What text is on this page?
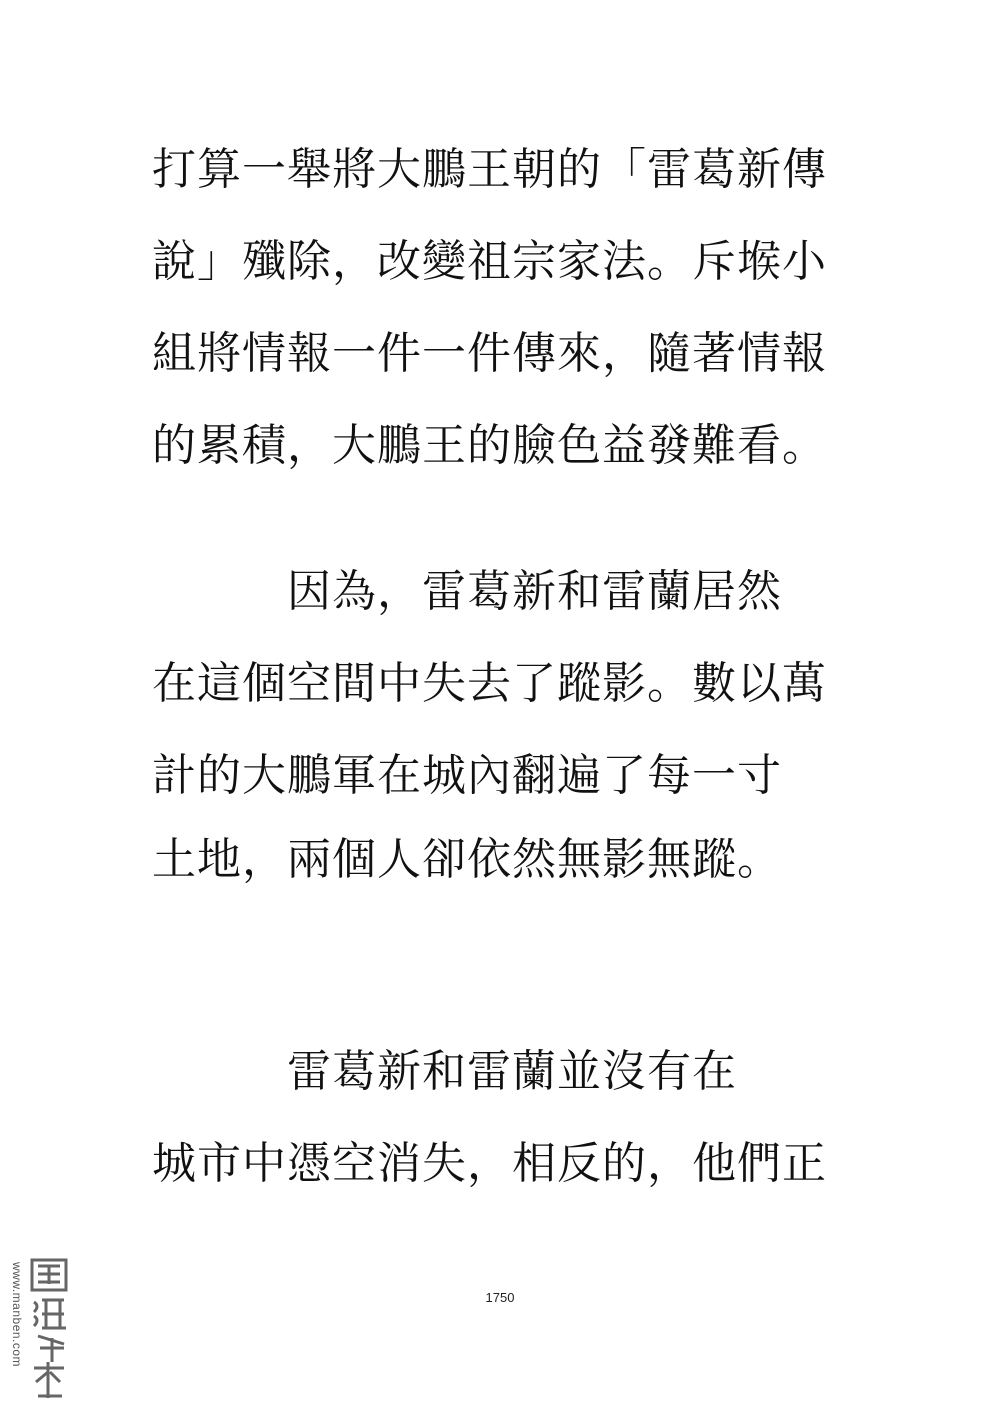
打算一舉將大鵬王朝的「雷葛新傳
說」殲除，改變祖宗家法。斥堠小
組將情報一件一件傳來，隨著情報
的累積，大鵬王的臉色益發難看。
　　　因為，雷葛新和雷蘭居然
在這個空間中失去了蹤影。數以萬
計的大鵬軍在城內翻遍了每一寸
土地，兩個人卻依然無影無蹤。
　　　雷葛新和雷蘭並沒有在
城市中憑空消失，相反的，他們正
1750
www.manben.com
